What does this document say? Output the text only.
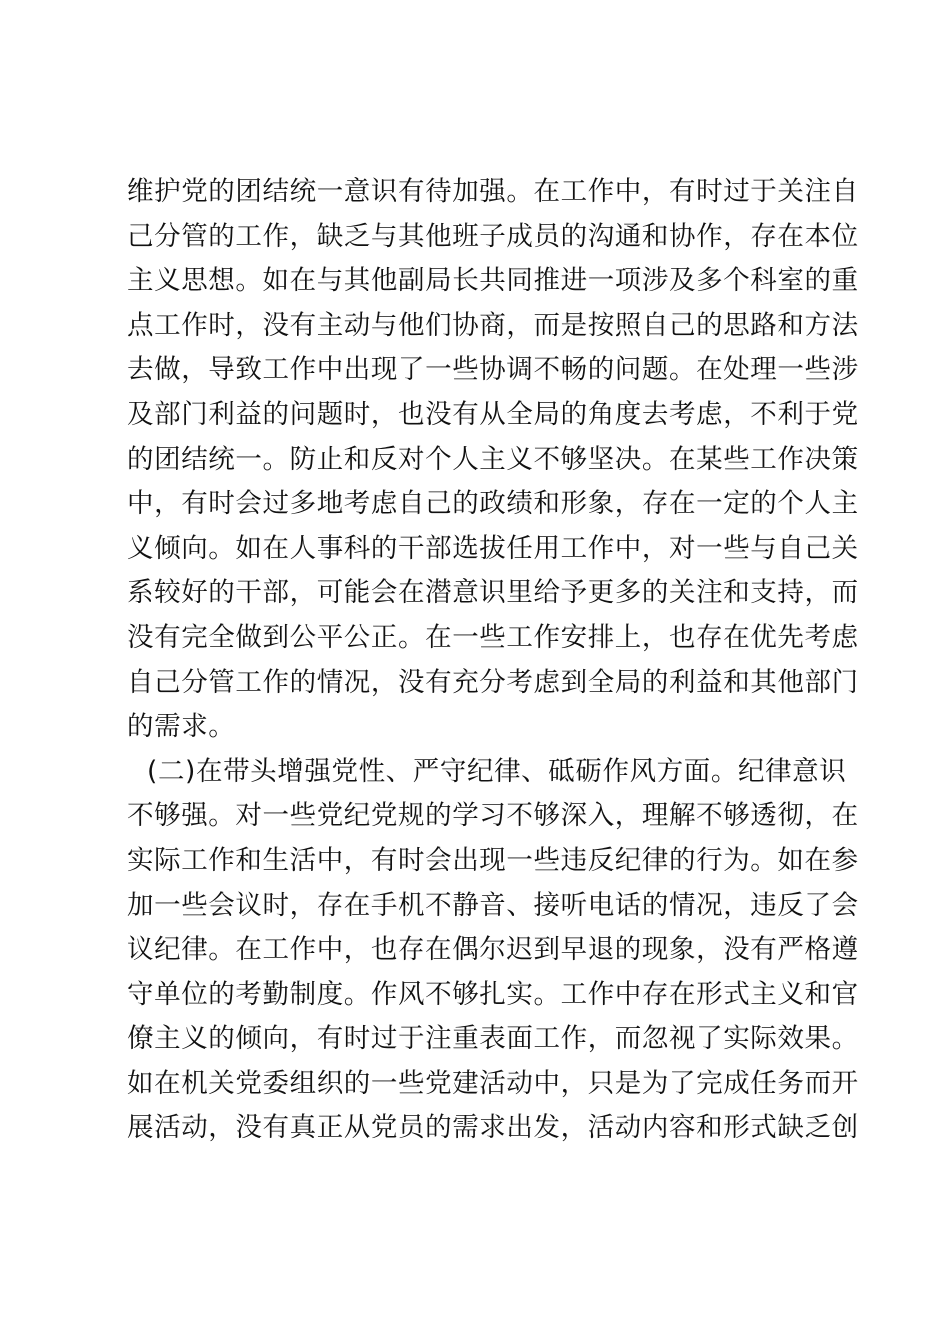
维护党的团结统一意识有待加强。在工作中，有时过于关注自
己分管的工作，缺乏与其他班子成员的沟通和协作，存在本位
主义思想。如在与其他副局长共同推进一项涉及多个科室的重
点工作时，没有主动与他们协商，而是按照自己的思路和方法
去做，导致工作中出现了一些协调不畅的问题。在处理一些涉
及部门利益的问题时，也没有从全局的角度去考虑，不利于党
的团结统一。防止和反对个人主义不够坚决。在某些工作决策
中，有时会过多地考虑自己的政绩和形象，存在一定的个人主
义倾向。如在人事科的干部选拔任用工作中，对一些与自己关
系较好的干部，可能会在潜意识里给予更多的关注和支持，而
没有完全做到公平公正。在一些工作安排上，也存在优先考虑
自己分管工作的情况，没有充分考虑到全局的利益和其他部门
的需求。
(二)在带头增强党性、严守纪律、砥砺作风方面。纪律意识
不够强。对一些党纪党规的学习不够深入，理解不够透彻，在
实际工作和生活中，有时会出现一些违反纪律的行为。如在参
加一些会议时，存在手机不静音、接听电话的情况，违反了会
议纪律。在工作中，也存在偶尔迟到早退的现象，没有严格遵
守单位的考勤制度。作风不够扎实。工作中存在形式主义和官
僚主义的倾向，有时过于注重表面工作，而忽视了实际效果。
如在机关党委组织的一些党建活动中，只是为了完成任务而开
展活动，没有真正从党员的需求出发，活动内容和形式缺乏创
